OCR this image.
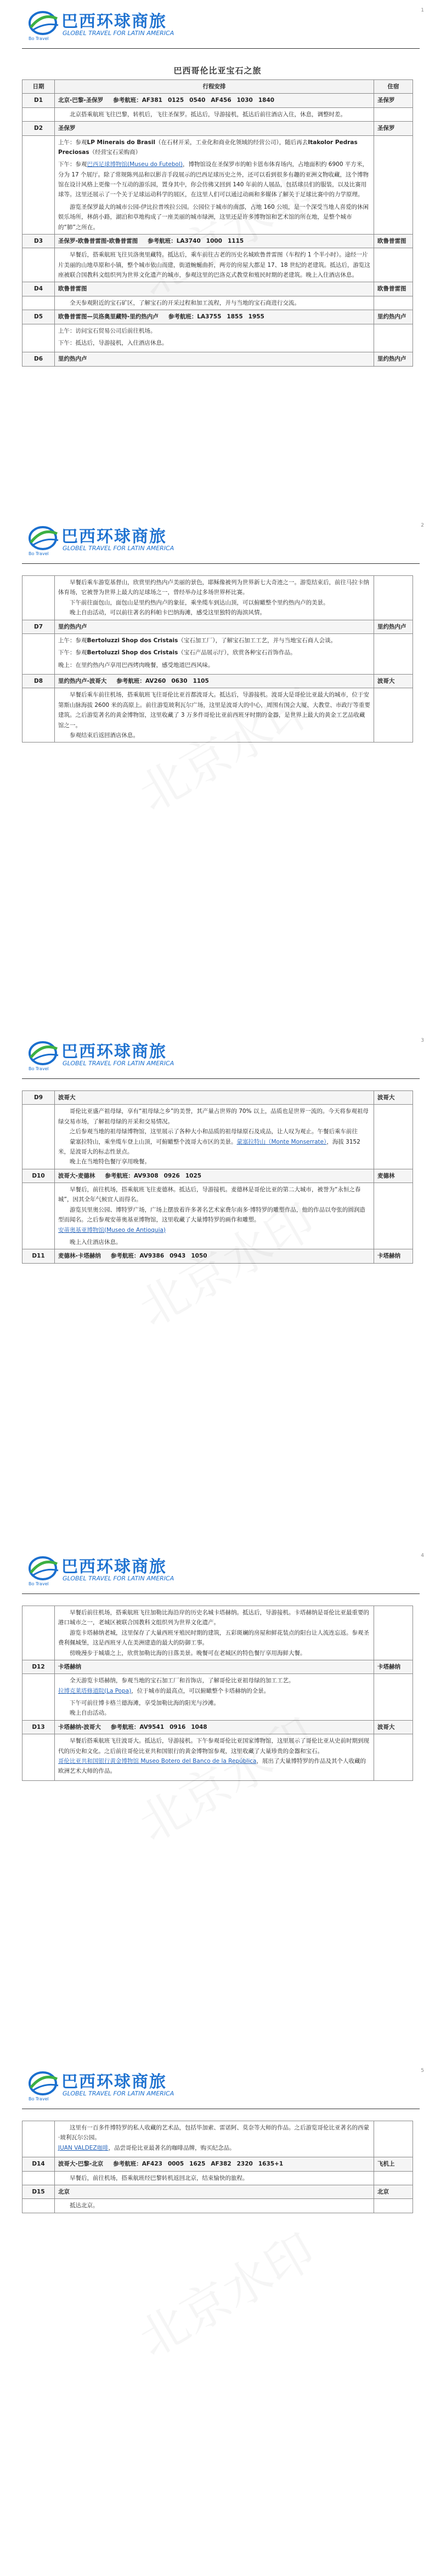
巴西环球商旅
GLOBEL TRAVEL FOR LATIN AMERICA
Bo Travel
1
巴西哥伦比亚宝石之旅
日期	行程安排	住宿
D1	北京-巴黎-圣保罗 参考航班：AF381 0125 0540 AF456 1030 1840	圣保罗

	北京搭乘航班飞往巴黎，转机后，飞往圣保罗。抵达后，导游接机，抵达后前往酒店入住，休息，调整时差。	

D2	圣保罗	圣保罗

	上午：参观LP Minerais do Brasil（在石材开采，工业化和商业化领域的经营公司），随后再去Itakolor Pedras Preciosas（经营宝石采购商）

下午：参观巴西足球博物馆(Museu do Futebol)，博物馆设在圣保罗市的帕卡恩布体育场内，占地面积约 6900 平方米，分为 17 个展厅。除了常规陈列品和以影音手段展示的巴西足球历史之外，还可以看到很多有趣的亚洲文物收藏，这个博物馆在设计风格上更像一个互动的游乐园，置身其中，你会仿佛又回到 140 年前的人展品，包括球员们的服装，以及比赛用球等。这里还展示了一个关于足球运动科学的展区，在这里人们可以通过动画和多媒体了解关于足球比赛中的力学原理。

游览圣保罗最大的城市公园-伊比拉普埃拉公园。公园位于城市的南部，占地 160 公顷，是一个深受当地人喜爱的休闲娱乐场所，林荫小路，湖泊和草地构成了一座美丽的城市绿洲，这里还是许多博物馆和艺术馆的所在地，是整个城市的“肺”之所在。	

D3	圣保罗-欧鲁普雷图-欧鲁普雷图 参考航班：LA3740 1000 1115	欧鲁普雷图

	早餐后，搭乘航班飞往贝洛奥里藏特。抵达后，乘车前往古老的历史名城欧鲁普雷图（车程约 1 个半小时）。途经一片片美丽的山地草原和小镇，整个城市依山而建，街道蜿蜒曲折，两旁的房屋大都是 17、18 世纪的老建筑。抵达后，游览这座被联合国教科文组织列为世界文化遗产的城市，参观这里的巴洛克式教堂和殖民时期的老建筑。晚上入住酒店休息。	

D4	欧鲁普雷图	欧鲁普雷图

	全天参观附近的宝石矿区，了解宝石的开采过程和加工流程，并与当地的宝石商进行交流。	

D5	欧鲁普雷图—贝洛奥里藏特-里约热内卢 参考航班：LA3755 1855 1955	里约热内卢

	上午：访问宝石贸易公司后前往机场。

下午：抵达后，导游接机，入住酒店休息。	

D6	里约热内卢	里约热内卢
巴西环球商旅
GLOBEL TRAVEL FOR LATIN AMERICA
Bo Travel
2

	早餐后乘车游览基督山，欣赏里约热内卢美丽的景色，耶稣像被列为世界新七大奇迹之一。游览结束后，前往马拉卡纳体育场，它被誉为世界上最大的足球场之一，曾经举办过多场世界杯比赛。

下午前往面包山，面包山是里约热内卢的象征，乘坐缆车到达山顶，可以俯瞰整个里约热内卢的美景。

晚上自由活动，可以前往著名的科帕卡巴纳海滩，感受这里独特的海滨风情。	

D7	里约热内卢	里约热内卢

	上午：参观Bertoluzzi Shop dos Cristais（宝石加工厂），了解宝石加工工艺，并与当地宝石商人会谈。

下午：参观Bertoluzzi Shop dos Cristais（宝石产品展示厅），欣赏各种宝石首饰作品。

晚上：在里约热内卢享用巴西烤肉晚餐，感受地道巴西风味。	

D8	里约热内卢-波哥大 参考航班：AV260 0630 1105	波哥大

	早餐后乘车前往机场，搭乘航班飞往哥伦比亚首都波哥大。抵达后，导游接机。波哥大是哥伦比亚最大的城市，位于安第斯山脉海拔 2600 米的高原上。前往游览玻利瓦尔广场，这里是波哥大的中心，周围有国会大厦、大教堂、市政厅等重要建筑。之后游览著名的黄金博物馆，这里收藏了 3 万多件哥伦比亚前西班牙时期的金器，是世界上最大的黄金工艺品收藏馆之一。

参观结束后返回酒店休息。	

巴西环球商旅
GLOBEL TRAVEL FOR LATIN AMERICA
Bo Travel
3
D9	波哥大	波哥大

	哥伦比亚盛产祖母绿，享有“祖母绿之乡”的美誉，其产量占世界的 70% 以上，品质也是世界一流的。今天将参观祖母绿交易市场，了解祖母绿的开采和交易情况。

之后参观当地的祖母绿博物馆，这里展示了各种大小和品质的祖母绿原石及成品，让人叹为观止。午餐后乘车前往

蒙塞拉特山，乘坐缆车登上山顶，可俯瞰整个波哥大市区的美景。蒙塞拉特山（Monte Monserrate），海拔 3152 米，是波哥大的标志性景点。

晚上在当地特色餐厅享用晚餐。	

D10	波哥大-麦德林 参考航班：AV9308 0926 1025	麦德林

	早餐后，前往机场，搭乘航班飞往麦德林。抵达后，导游接机。麦德林是哥伦比亚的第二大城市，被誉为“永恒之春城”，因其全年气候宜人而得名。

游览贝里奥公园、博特罗广场，广场上摆放着许多著名艺术家费尔南多·博特罗的雕塑作品，他的作品以夸张的圆润造型而闻名。之后参观安蒂奥基亚博物馆，这里收藏了大量博特罗的画作和雕塑。

安蒂奥基亚博物馆(Museo de Antioquia)

晚上入住酒店休息。	

D11	麦德林-卡塔赫纳 参考航班：AV9386 0943 1050	卡塔赫纳
巴西环球商旅
GLOBEL TRAVEL FOR LATIN AMERICA
Bo Travel
4

	早餐后前往机场，搭乘航班飞往加勒比海沿岸的历史名城卡塔赫纳。抵达后，导游接机。卡塔赫纳是哥伦比亚最重要的港口城市之一，老城区被联合国教科文组织列为世界文化遗产。

游览卡塔赫纳老城，这里保存了大量西班牙殖民时期的建筑，五彩斑斓的房屋和鲜花装点的阳台让人流连忘返。参观圣费利佩城堡，这是西班牙人在美洲建造的最大的防御工事。

傍晚漫步于城墙之上，欣赏加勒比海的日落美景。晚餐可在老城区的特色餐厅享用海鲜大餐。	

D12	卡塔赫纳	卡塔赫纳

	全天游览卡塔赫纳，参观当地的宝石加工厂和首饰店，了解哥伦比亚祖母绿的加工工艺。

拉博克莱塔修道院(La Popa)，位于城市的最高点，可以俯瞰整个卡塔赫纳的全景。

下午可前往博卡格兰德海滩，享受加勒比海的阳光与沙滩。

晚上自由活动。	

D13	卡塔赫纳-波哥大 参考航班：AV9541 0916 1048	波哥大

	早餐后搭乘航班飞往波哥大。抵达后，导游接机。下午参观哥伦比亚国家博物馆，这里展示了哥伦比亚从史前时期到现代的历史和文化。之后前往哥伦比亚共和国银行的黄金博物馆参观，这里收藏了大量珍贵的金器和宝石。

哥伦比亚共和国银行黄金博物馆 Museo Botero del Banco de la República，展出了大量博特罗的作品及其个人收藏的欧洲艺术大师的作品。	

巴西环球商旅
GLOBEL TRAVEL FOR LATIN AMERICA
Bo Travel
5

	这里有一百多件博特罗的私人收藏的艺术品，包括毕加索、雷诺阿、莫奈等大师的作品。之后游览哥伦比亚著名的西蒙·玻利瓦尔公园。

JUAN VALDEZ咖啡，品尝哥伦比亚最著名的咖啡品牌，购买纪念品。	

D14	波哥大-巴黎-北京 参考航班：AF423 0005 1625 AF382 2320 1635+1	飞机上

	早餐后，前往机场，搭乘航班经巴黎转机返回北京，结束愉快的旅程。	

D15	北京	北京

	抵达北京。	
